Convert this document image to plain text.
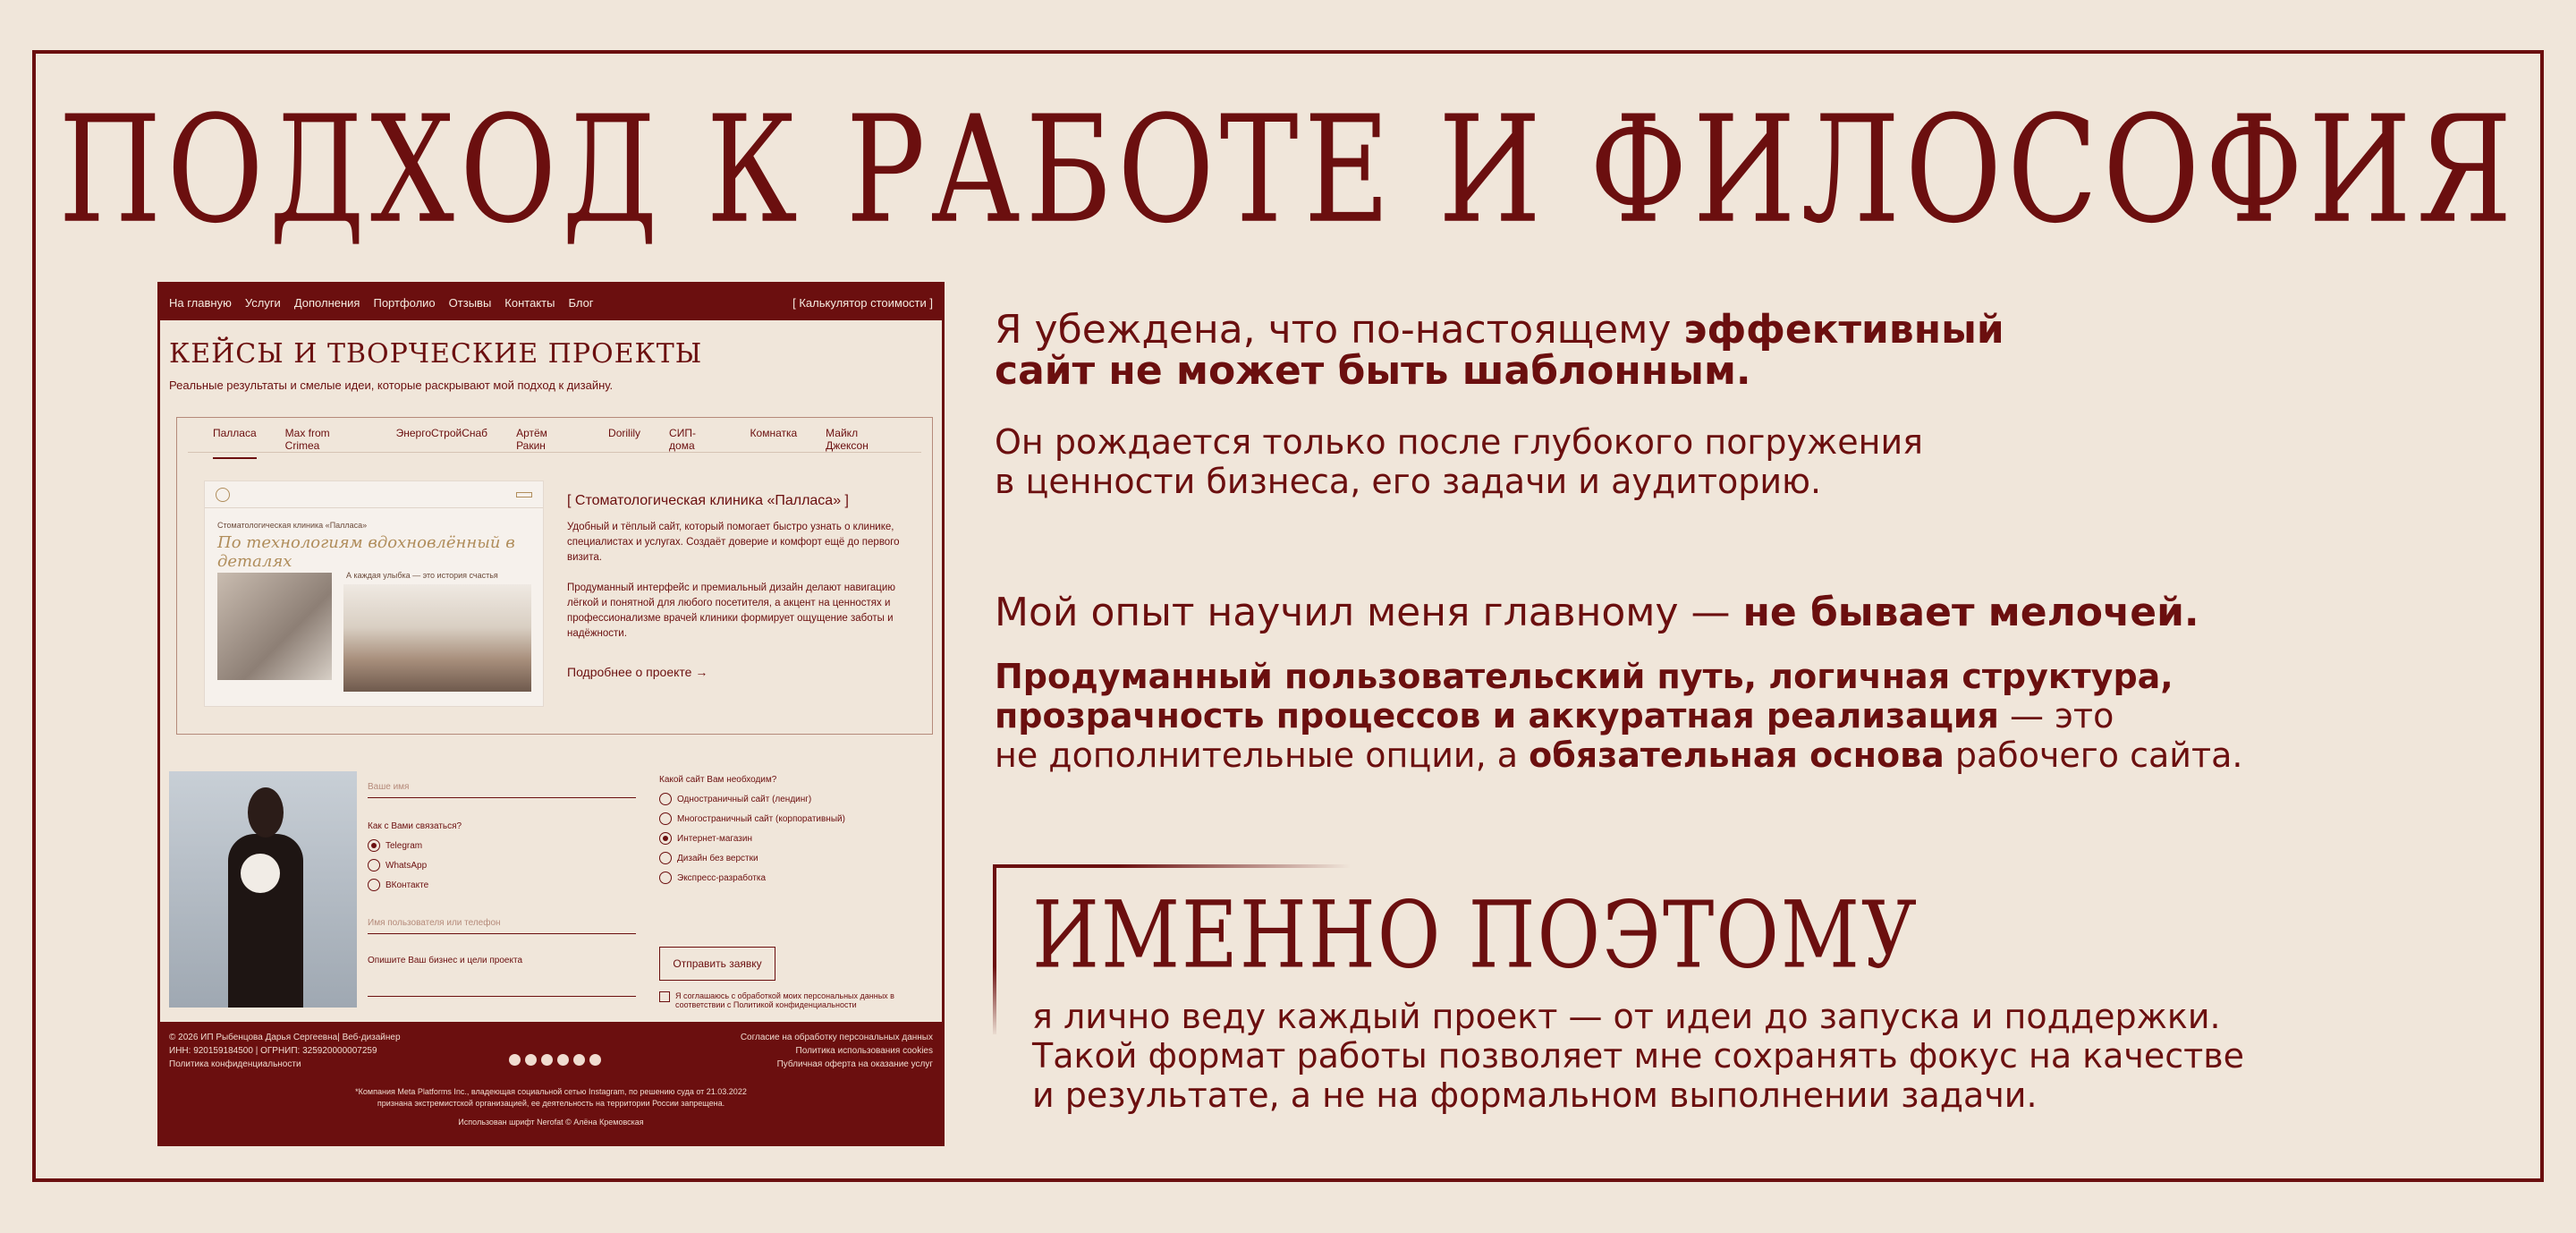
ПОДХОД К РАБОТЕ И ФИЛОСОФИЯ
На главную Услуги Дополнения Портфолио Отзывы Контакты Блог	[ Калькулятор стоимости ]
КЕЙСЫ И ТВОРЧЕСКИЕ ПРОЕКТЫ
Реальные результаты и смелые идеи, которые раскрывают мой подход к дизайну.
Палласа	Max from Crimea
ЭнергоСтройСнаб	Артём Ракин
Dorilily	СИП-дома
Комнатка	Майкл Джексон
Стоматологическая клиника «Палласа»
По технологиям вдохновлённый в деталях
А каждая улыбка — это история счастья
[ Стоматологическая клиника «Палласа» ]
Удобный и тёплый сайт, который помогает быстро узнать о клинике, специалистах и услугах. Создаёт доверие и комфорт ещё до первого визита.
Продуманный интерфейс и премиальный дизайн делают навигацию лёгкой и понятной для любого посетителя, а акцент на ценностях и профессионализме врачей клиники формирует ощущение заботы и надёжности.
Подробнее о проекте →
Ваше имя
Как с Вами связаться?
Telegram
WhatsApp
ВКонтакте
Имя пользователя или телефон
Опишите Ваш бизнес и цели проекта
Какой сайт Вам необходим?
Одностраничный сайт (лендинг)
Многостраничный сайт (корпоративный)
Интернет-магазин
Дизайн без верстки
Экспресс-разработка
Отправить заявку
Я соглашаюсь с обработкой моих персональных данных в соответствии с Политикой конфиденциальности
© 2026 ИП Рыбенцова Дарья Сергеевна| Веб-дизайнер
ИНН: 920159184500 | ОГРНИП: 325920000007259
Политика конфиденциальности
Согласие на обработку персональных данных
Политика использования cookies
Публичная оферта на оказание услуг
*Компания Meta Platforms Inc., владеющая социальной сетью Instagram, по решению суда от 21.03.2022
признана экстремистской организацией, ее деятельность на территории России запрещена.
Использован шрифт Nerofat © Алёна Кремовская
Я убеждена, что по-настоящему эффективный
сайт не может быть шаблонным.
Он рождается только после глубокого погружения
в ценности бизнеса, его задачи и аудиторию.
Мой опыт научил меня главному — не бывает мелочей.
Продуманный пользовательский путь, логичная структура,
прозрачность процессов и аккуратная реализация — это
не дополнительные опции, а обязательная основа рабочего сайта.
ИМЕННО ПОЭТОМУ
я лично веду каждый проект — от идеи до запуска и поддержки.
Такой формат работы позволяет мне сохранять фокус на качестве
и результате, а не на формальном выполнении задачи.
